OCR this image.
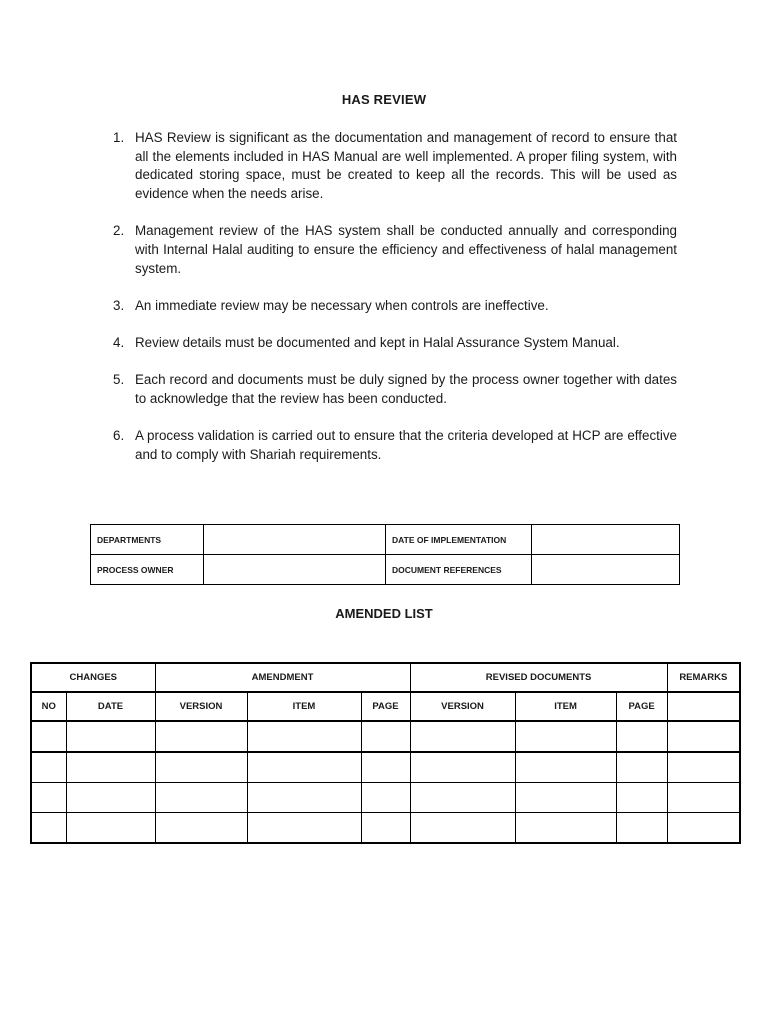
HAS REVIEW
1. HAS Review is significant as the documentation and management of record to ensure that all the elements included in HAS Manual are well implemented. A proper filing system, with dedicated storing space, must be created to keep all the records. This will be used as evidence when the needs arise.
2. Management review of the HAS system shall be conducted annually and corresponding with Internal Halal auditing to ensure the efficiency and effectiveness of halal management system.
3. An immediate review may be necessary when controls are ineffective.
4. Review details must be documented and kept in Halal Assurance System Manual.
5. Each record and documents must be duly signed by the process owner together with dates to acknowledge that the review has been conducted.
6. A process validation is carried out to ensure that the criteria developed at HCP are effective and to comply with Shariah requirements.
DEPARTMENTS		DATE OF IMPLEMENTATION	
PROCESS OWNER		DOCUMENT REFERENCES	
AMENDED LIST
CHANGES		AMENDMENT			REVISED DOCUMENTS			REMARKS
NO	DATE	VERSION	ITEM	PAGE	VERSION	ITEM	PAGE	
